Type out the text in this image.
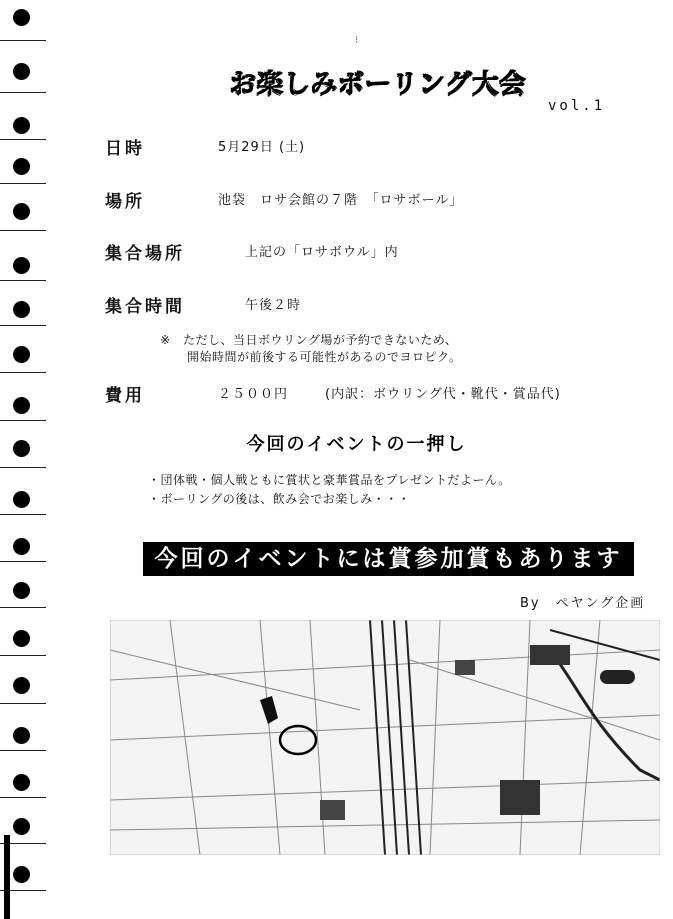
⁝
お楽しみボーリング大会
vol.1
日時	5月29日 (土)
場所	池袋　ロサ会館の７階　「ロサボール」
集合場所	上記の「ロサボウル」内
集合時間	午後２時
※　ただし、当日ボウリング場が予約できないため、
開始時間が前後する可能性があるのでヨロピク。
費用	２５００円	(内訳：ボウリング代・靴代・賞品代)
今回のイベントの一押し
・団体戦・個人戦ともに賞状と豪華賞品をプレゼントだよーん。
・ボーリングの後は、飲み会でお楽しみ・・・
今回のイベントには賞参加賞もあります
By　ペヤング企画
